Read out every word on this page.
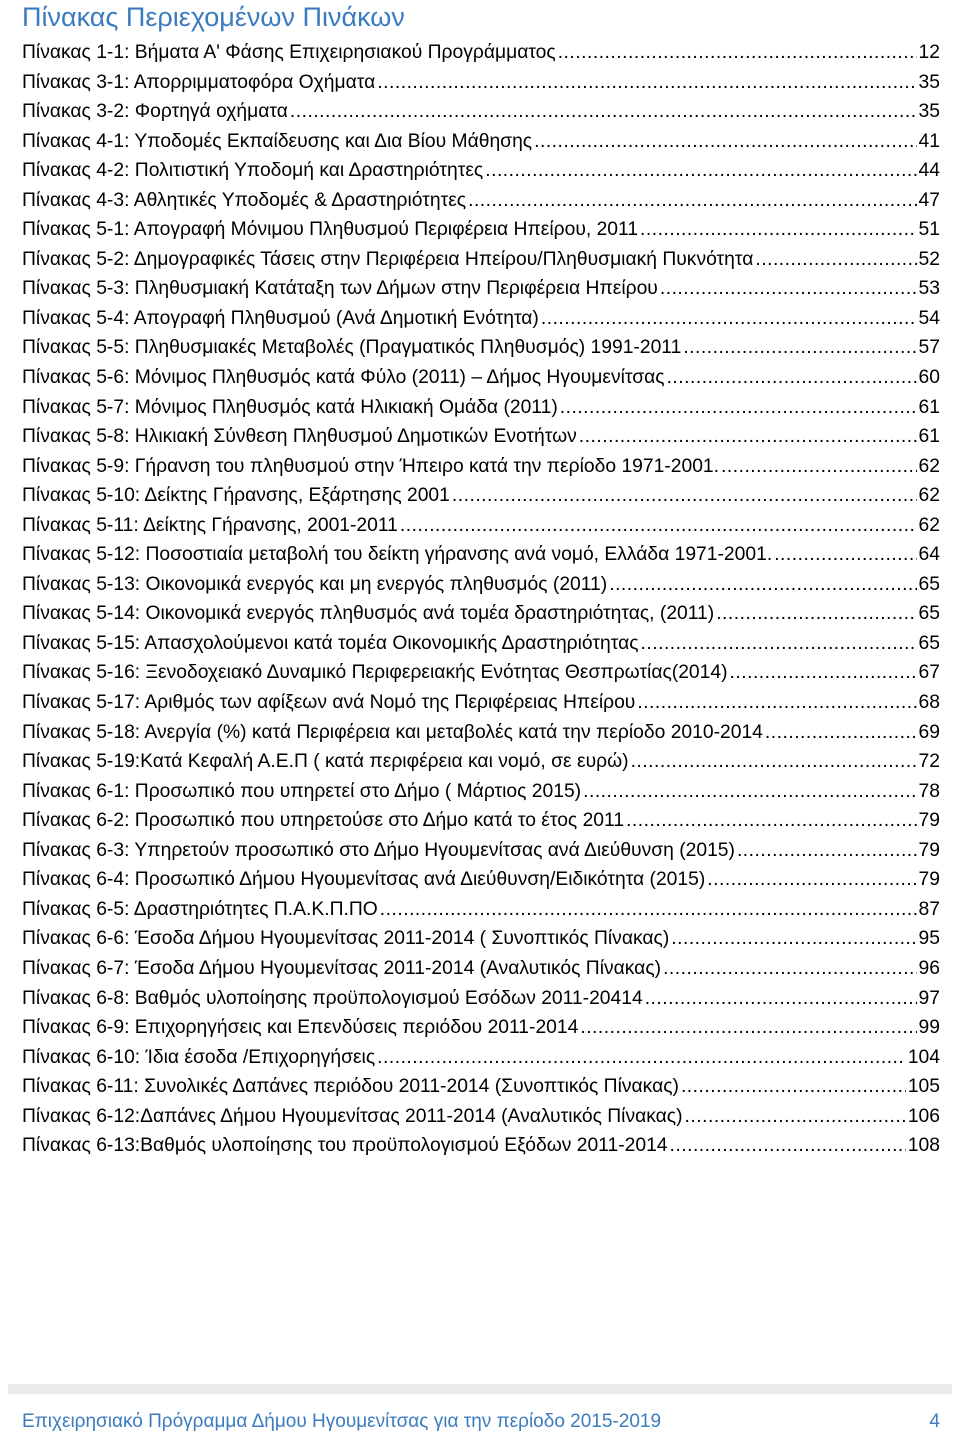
Πίνακας Περιεχομένων Πινάκων
Πίνακας 1-1: Βήματα Α' Φάσης Επιχειρησιακού Προγράμματος .....	12
Πίνακας 3-1: Απορριμματοφόρα Οχήματα .....	35
Πίνακας 3-2: Φορτηγά οχήματα .....	35
Πίνακας 4-1: Υποδομές Εκπαίδευσης και Δια Βίου Μάθησης .....	41
Πίνακας 4-2: Πολιτιστική Υποδομή και Δραστηριότητες .....	44
Πίνακας 4-3: Αθλητικές Υποδομές & Δραστηριότητες .....	47
Πίνακας 5-1: Απογραφή Μόνιμου Πληθυσμού Περιφέρεια Ηπείρου, 2011 .....	51
Πίνακας 5-2: Δημογραφικές Τάσεις στην Περιφέρεια Ηπείρου/Πληθυσμιακή Πυκνότητα .....	52
Πίνακας 5-3: Πληθυσμιακή Κατάταξη των Δήμων στην Περιφέρεια Ηπείρου .....	53
Πίνακας 5-4: Απογραφή Πληθυσμού (Ανά Δημοτική Ενότητα) .....	54
Πίνακας 5-5: Πληθυσμιακές Μεταβολές (Πραγματικός Πληθυσμός) 1991-2011 .....	57
Πίνακας 5-6: Μόνιμος Πληθυσμός κατά Φύλο (2011) – Δήμος Ηγουμενίτσας .....	60
Πίνακας 5-7: Μόνιμος Πληθυσμός κατά Ηλικιακή Ομάδα (2011) .....	61
Πίνακας 5-8: Ηλικιακή Σύνθεση Πληθυσμού Δημοτικών Ενοτήτων .....	61
Πίνακας 5-9: Γήρανση του πληθυσμού στην Ήπειρο κατά την περίοδο 1971-2001. .....	62
Πίνακας 5-10: Δείκτης Γήρανσης, Εξάρτησης 2001 .....	62
Πίνακας 5-11: Δείκτης Γήρανσης, 2001-2011 .....	62
Πίνακας 5-12: Ποσοστιαία μεταβολή του δείκτη γήρανσης ανά νομό, Ελλάδα 1971-2001. .....	64
Πίνακας 5-13: Οικονομικά ενεργός και μη ενεργός πληθυσμός (2011) .....	65
Πίνακας 5-14: Οικονομικά ενεργός πληθυσμός ανά τομέα δραστηριότητας, (2011) .....	65
Πίνακας 5-15: Απασχολούμενοι κατά τομέα Οικονομικής Δραστηριότητας .....	65
Πίνακας 5-16: Ξενοδοχειακό Δυναμικό Περιφερειακής Ενότητας Θεσπρωτίας(2014) .....	67
Πίνακας 5-17: Αριθμός των αφίξεων ανά Νομό της Περιφέρειας Ηπείρου .....	68
Πίνακας 5-18: Ανεργία (%) κατά Περιφέρεια και μεταβολές κατά την περίοδο 2010-2014 .....	69
Πίνακας 5-19:Κατά Κεφαλή Α.Ε.Π ( κατά περιφέρεια και νομό, σε ευρώ) .....	72
Πίνακας 6-1: Προσωπικό που υπηρετεί στο Δήμο ( Μάρτιος 2015) .....	78
Πίνακας 6-2: Προσωπικό που υπηρετούσε στο Δήμο κατά το έτος 2011 .....	79
Πίνακας 6-3: Υπηρετούν προσωπικό στο Δήμο Ηγουμενίτσας ανά Διεύθυνση (2015) .....	79
Πίνακας 6-4: Προσωπικό Δήμου Ηγουμενίτσας ανά Διεύθυνση/Ειδικότητα (2015) .....	79
Πίνακας 6-5: Δραστηριότητες Π.Α.Κ.Π.ΠΟ .....	87
Πίνακας 6-6: Έσοδα Δήμου Ηγουμενίτσας 2011-2014 ( Συνοπτικός Πίνακας) .....	95
Πίνακας 6-7: Έσοδα Δήμου Ηγουμενίτσας 2011-2014 (Αναλυτικός Πίνακας) .....	96
Πίνακας 6-8: Βαθμός υλοποίησης προϋπολογισμού Εσόδων 2011-20414 .....	97
Πίνακας 6-9: Επιχορηγήσεις και Επενδύσεις περιόδου 2011-2014 .....	99
Πίνακας 6-10: Ίδια έσοδα /Επιχορηγήσεις .....	104
Πίνακας 6-11: Συνολικές Δαπάνες περιόδου 2011-2014 (Συνοπτικός Πίνακας) .....	105
Πίνακας 6-12:Δαπάνες Δήμου Ηγουμενίτσας 2011-2014 (Αναλυτικός Πίνακας) .....	106
Πίνακας 6-13:Βαθμός υλοποίησης του προϋπολογισμού Εξόδων 2011-2014 .....	108
Επιχειρησιακό Πρόγραμμα Δήμου Ηγουμενίτσας για την περίοδο 2015-2019	4
